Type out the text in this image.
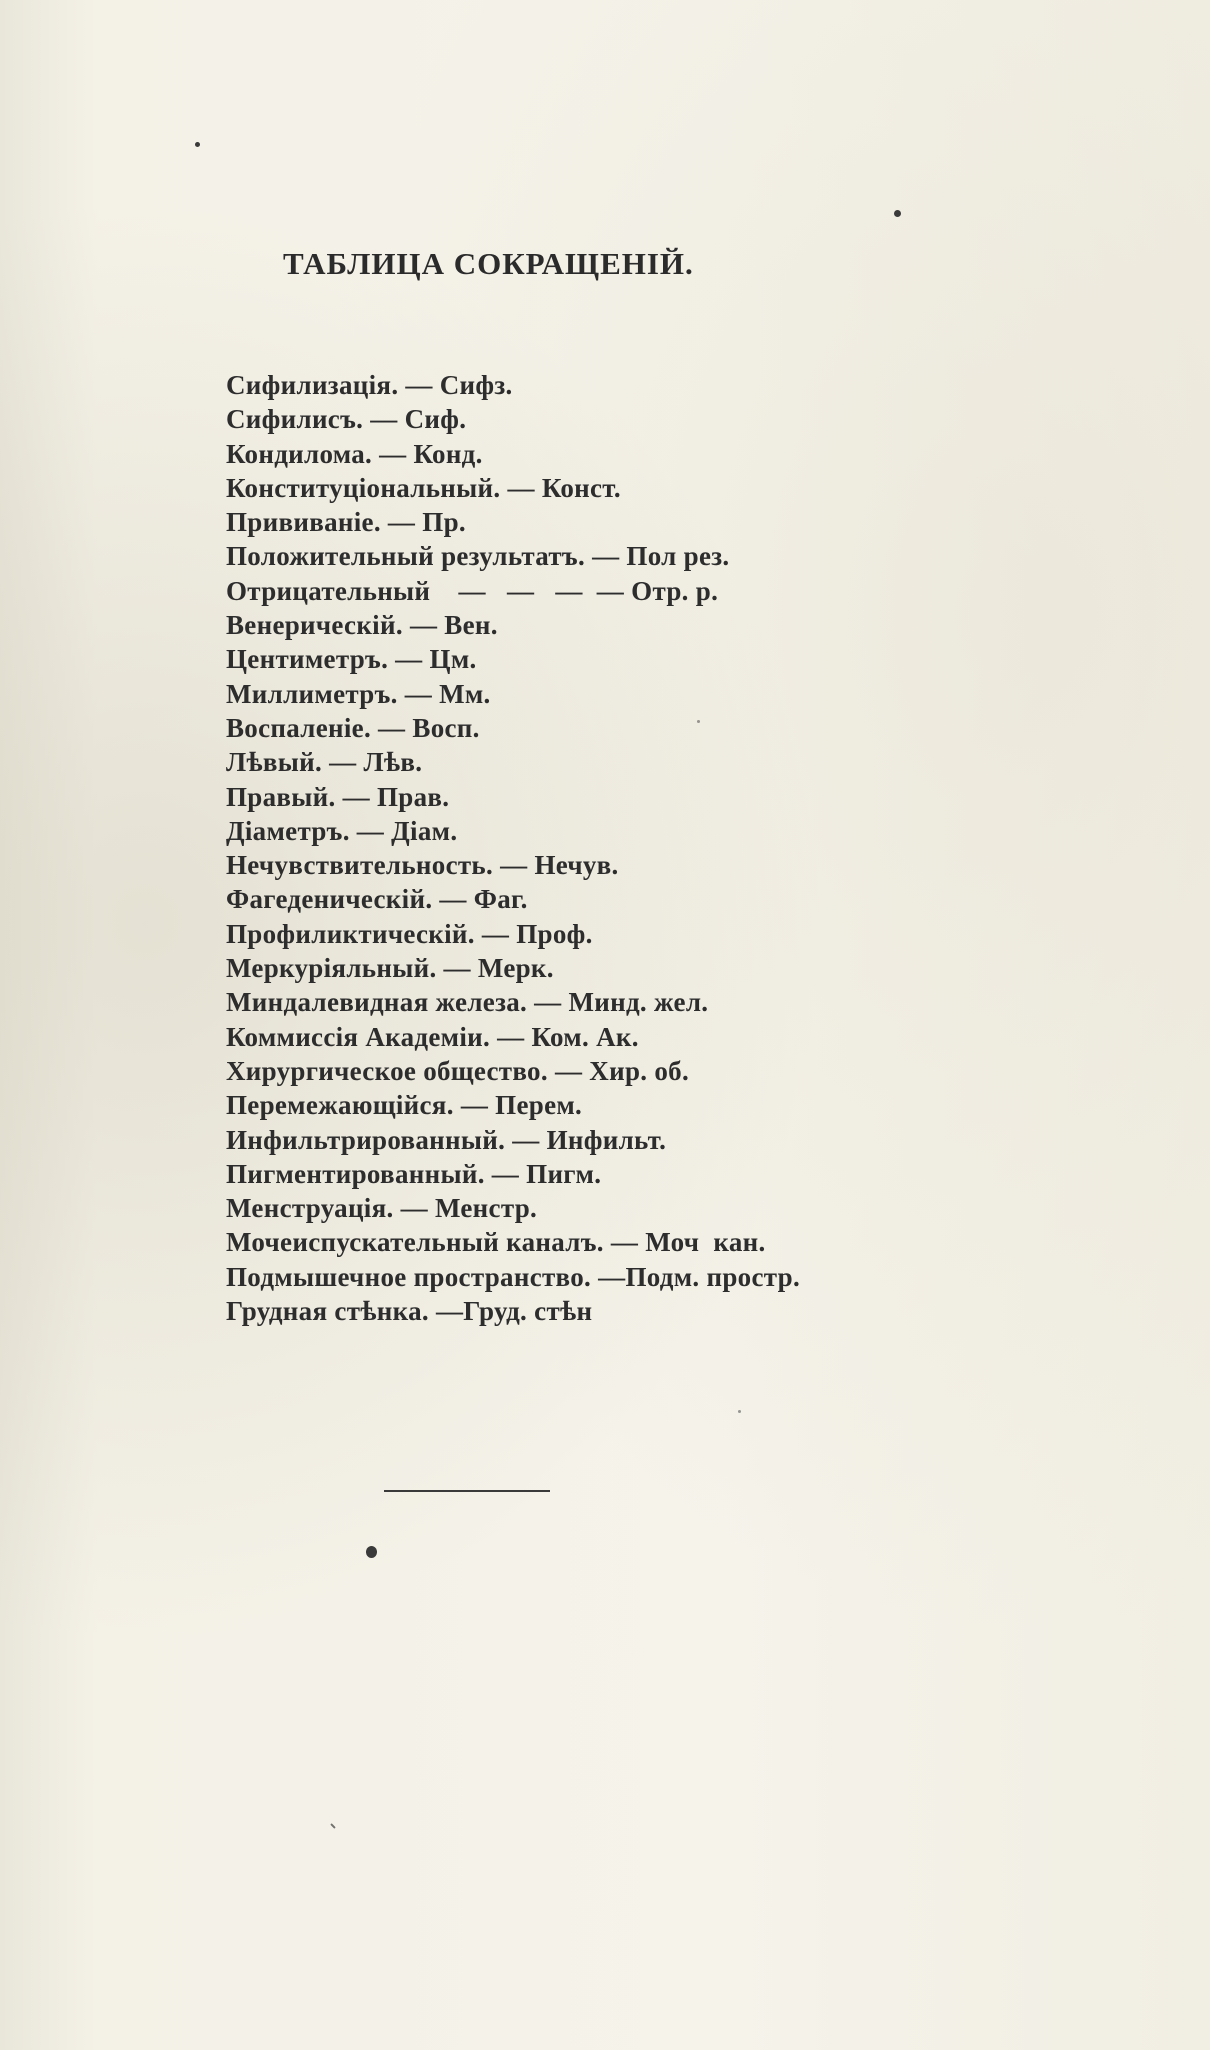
ТАБЛИЦА СОКРАЩЕНІЙ.
Сифилизація. — Сифз.
Сифилисъ. — Сиф.
Кондилома. — Конд.
Конституціональный. — Конст.
Прививаніе. — Пр.
Положительный результатъ. — Пол рез.
Отрицательный    —   —   —  — Отр. р.
Венерическій. — Вен.
Центиметръ. — Цм.
Миллиметръ. — Мм.
Воспаленіе. — Восп.
Лѣвый. — Лѣв.
Правый. — Прав.
Діаметръ. — Діам.
Нечувствительность. — Нечув.
Фагеденическій. — Фаг.
Профиликтическій. — Проф.
Меркуріяльный. — Мерк.
Миндалевидная железа. — Минд. жел.
Коммиссія Академіи. — Ком. Ак.
Хирургическое общество. — Хир. об.
Перемежающійся. — Перем.
Инфильтрированный. — Инфильт.
Пигментированный. — Пигм.
Менструація. — Менстр.
Мочеиспускательный каналъ. — Моч  кан.
Подмышечное пространство. —Подм. простр.
Грудная стѣнка. —Груд. стѣн
